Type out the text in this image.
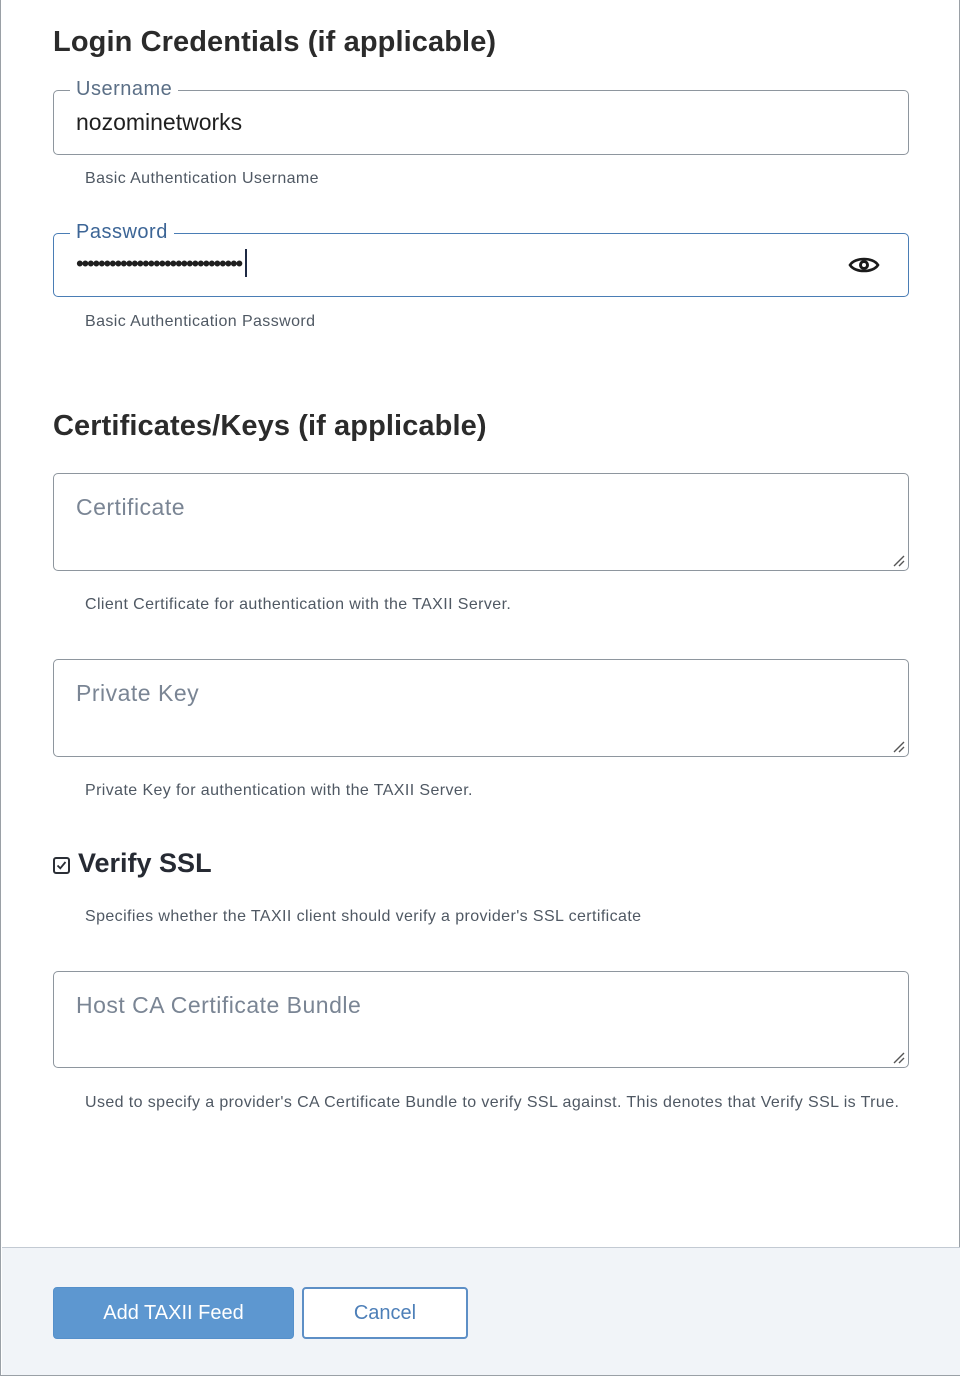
Login Credentials (if applicable)
Username
nozominetworks
Basic Authentication Username
Password
••••••••••••••••••••••••••••••
Basic Authentication Password
Certificates/Keys (if applicable)
Certificate
Client Certificate for authentication with the TAXII Server.
Private Key
Private Key for authentication with the TAXII Server.
Verify SSL
Specifies whether the TAXII client should verify a provider's SSL certificate
Host CA Certificate Bundle
Used to specify a provider's CA Certificate Bundle to verify SSL against. This denotes that Verify SSL is True.
Add TAXII Feed	Cancel
